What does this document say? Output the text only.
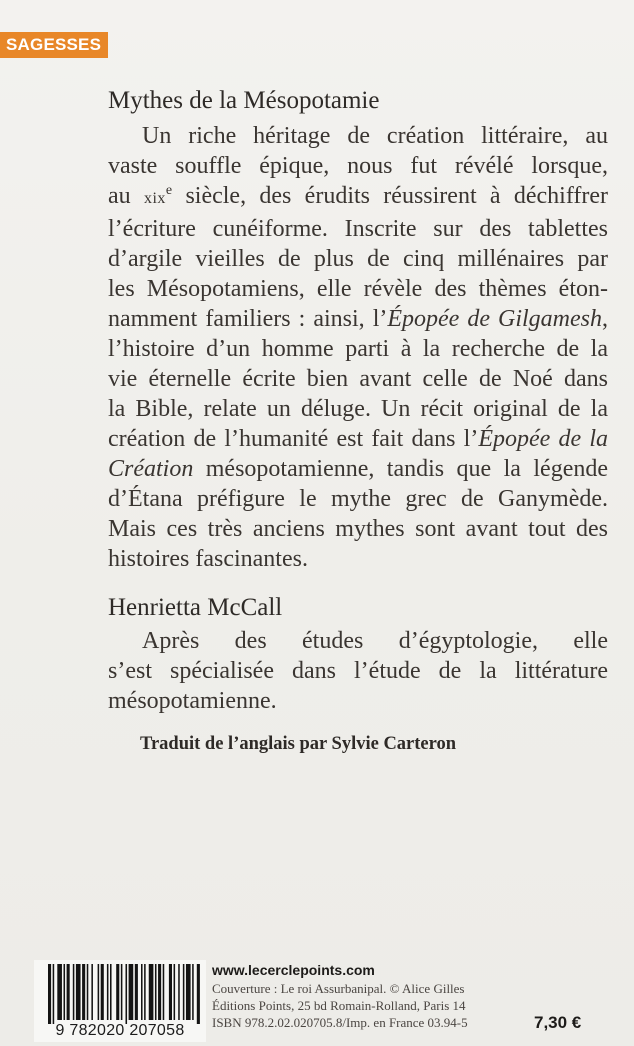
SAGESSES
Mythes de la Mésopotamie
Un riche héritage de création littéraire, au
vaste souffle épique, nous fut révélé lorsque,
au xix$^e$ siècle, des érudits réussirent à déchiffrer
l’écriture cunéiforme. Inscrite sur des tablettes
d’argile vieilles de plus de cinq millénaires par
les Mésopotamiens, elle révèle des thèmes éton-
namment familiers : ainsi, l’Épopée de Gilgamesh,
l’histoire d’un homme parti à la recherche de la
vie éternelle écrite bien avant celle de Noé dans
la Bible, relate un déluge. Un récit original de la
création de l’humanité est fait dans l’Épopée de la
Création mésopotamienne, tandis que la légende
d’Étana préfigure le mythe grec de Ganymède.
Mais ces très anciens mythes sont avant tout des
histoires fascinantes.
Henrietta McCall
Après des études d’égyptologie, elle
s’est spécialisée dans l’étude de la littérature
mésopotamienne.
Traduit de l’anglais par Sylvie Carteron
9 782020 207058
www.lecerclepoints.com
Couverture : Le roi Assurbanipal. © Alice Gilles
Éditions Points, 25 bd Romain-Rolland, Paris 14
ISBN 978.2.02.020705.8/Imp. en France 03.94-5	7,30 €
